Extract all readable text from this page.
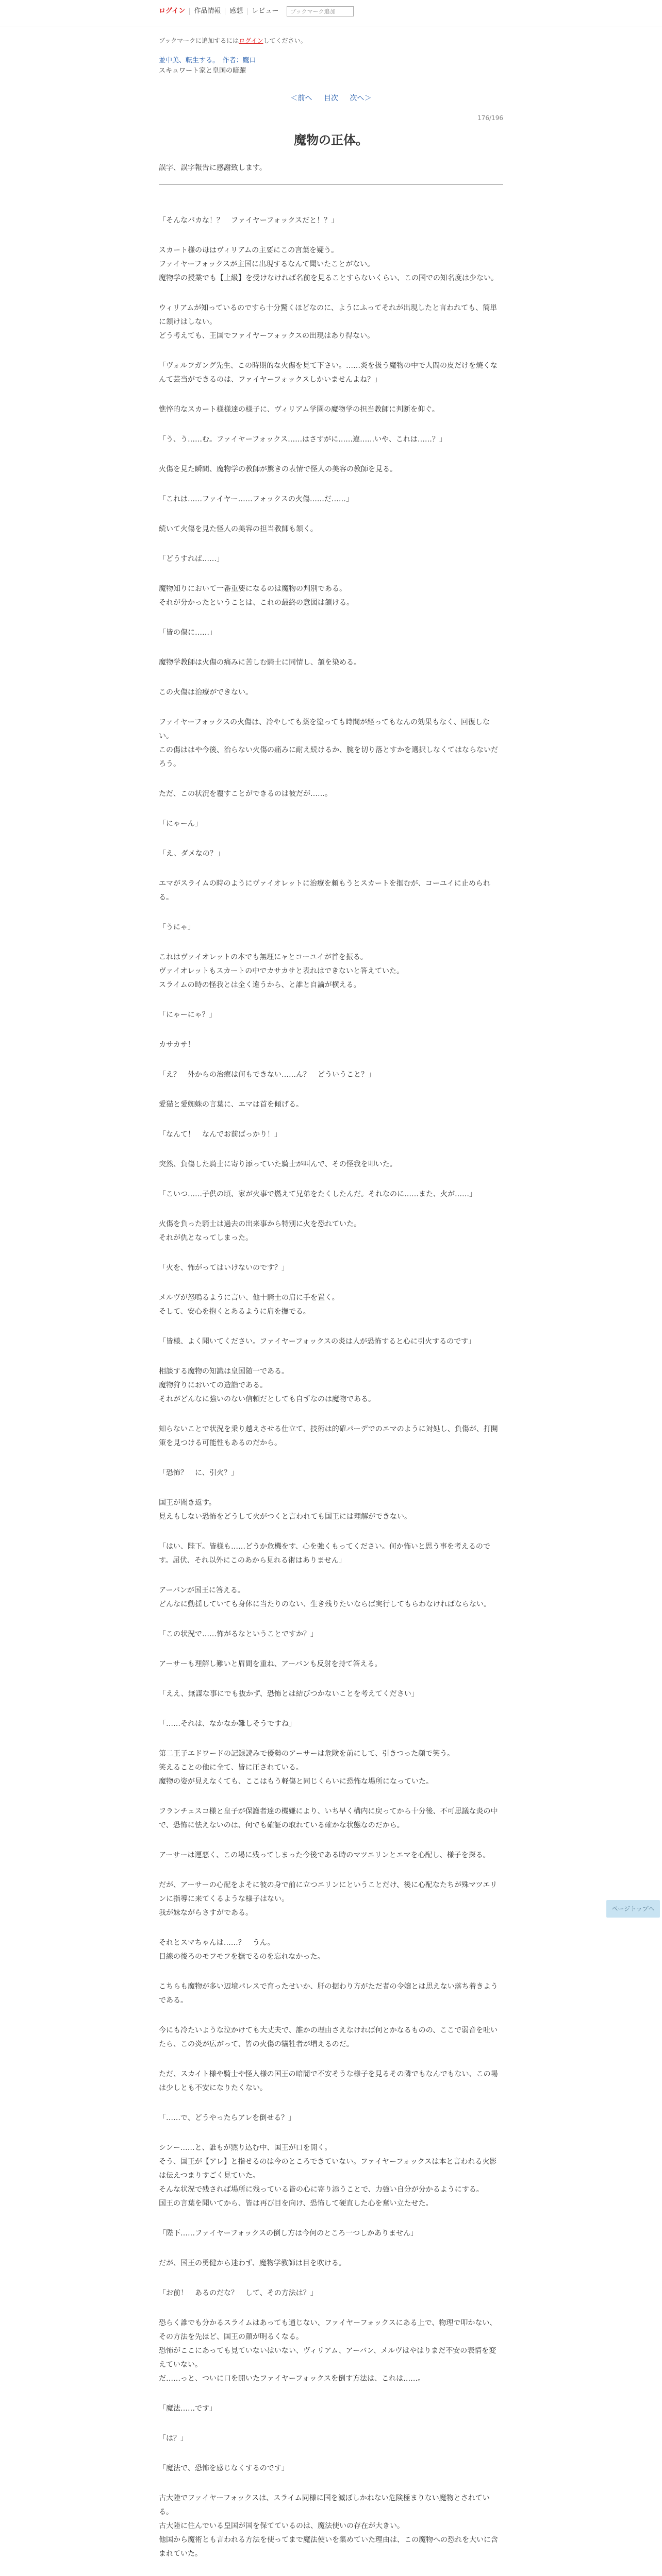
ログイン	作品情報	感想	レビュー	ブックマーク追加
ブックマークに追加するにはログインしてください。
並中美、転生する。　作者：鷹口
スキュワート家と皇国の暗躍
＜前へ 目次 次へ＞
176/196
魔物の正体。
誤字、誤字報告に感謝致します。

「そんなバカな！？　ファイヤーフォックスだと！？」

スカート様の母はヴィリアムの主要にこの言葉を疑う。
ファイヤーフォックスが主国に出現するなんて聞いたことがない。
魔物学の授業でも【上級】を受けなければ名前を見ることすらないくらい、この国での知名度は少ない。

ウィリアムが知っているのですら十分驚くほどなのに、ようにふってそれが出現したと言われても、簡単に頷けはしない。
どう考えても、王国でファイヤーフォックスの出現はあり得ない。

「ヴォルフガング先生、この時期的な火傷を見て下さい。……炎を扱う魔物の中で人間の皮だけを焼くなんて芸当ができるのは、ファイヤーフォックスしかいませんよね？」

憔悴的なスカート様様達の様子に、ヴィリアム学園の魔物学の担当教師に判断を仰ぐ。

「う、う……む。ファイヤーフォックス……はさすがに……違……いや、これは……？」

火傷を見た瞬間、魔物学の教師が驚きの表情で怪人の美容の教師を見る。

「これは……ファイヤー……フォックスの火傷……だ……」

続いて火傷を見た怪人の美容の担当教師も頷く。

「どうすれば……」

魔物知りにおいて一番重要になるのは魔物の判別である。
それが分かったということは、これの最終の意図は頷ける。

「皆の傷に……」

魔物学教師は火傷の痛みに苦しむ騎士に同情し、頷を染める。

この火傷は治療ができない。

ファイヤーフォックスの火傷は、冷やしても薬を塗っても時間が経ってもなんの効果もなく、回復しない。
この傷ははや今後、治らない火傷の痛みに耐え続けるか、腕を切り落とすかを選択しなくてはならないだろう。

ただ、この状況を覆すことができるのは彼だが……。

「にゃーん」

「え、ダメなの？」

エマがスライムの時のようにヴァイオレットに治療を頼もうとスカートを掴むが、コーユイに止められる。

「うにゃ」

これはヴァイオレットの本でも無理にャとコーユイが首を振る。
ヴァイオレットもスカートの中でカサカサと表れはできないと答えていた。
スライムの時の怪我とは全く違うから、と誰と自論が横える。

「にゃーにゃ？」

カサカサ！

「え？　外からの治療は何もできない……ん？　どういうこと？」

愛猫と愛蜘蛛の言葉に、エマは首を傾げる。

「なんて！　なんでお前ばっかり！」

突然、負傷した騎士に寄り添っていた騎士が叫んで、その怪我を叩いた。

「こいつ……子供の頃、家が火事で燃えて兄弟をたくしたんだ。それなのに……また、火が……」

火傷を負った騎士は過去の出来事から特別に火を恐れていた。
それが仇となってしまった。

「火を、怖がってはいけないのです？」

メルヴが怒鳴るように言い、他十騎士の肩に手を置く。
そして、安心を抱くとあるように肩を撫でる。

「皆様、よく聞いてください。ファイヤーフォックスの炎は人が恐怖すると心に引火するのです」

相談する魔物の知識は皇国随一である。
魔物狩りにおいての造詣である。
それがどんなに強いのない信頼だとしても自ずなのは魔物である。

知らないことで状況を乗り越えさせる仕立て、技術は的確パーデでのエマのように対処し、負傷が、打開策を見つける可能性もあるのだから。

「恐怖？　に、引火？」

国王が聞き返す。
見えもしない恐怖をどうして火がつくと言われても国王には理解ができない。

「はい、陛下。皆様も……どうか危機をす、心を強くもってください。何か怖いと思う事を考えるのです。屈伏、それ以外にこのあから見れる術はありません」

アーバンが国王に答える。
どんなに動揺していても身体に当たりのない、生き残りたいならば実行してもらわなければならない。

「この状況で……怖がるなということですか？」

アーサーも理解し難いと眉間を重ね、アーバンも反射を持て答える。

「ええ、無謀な事にでも抜かず、恐怖とは結びつかないことを考えてください」

「……それは、なかなか難しそうですね」

第二王子エドワードの記録読みで優勢のアーサーは危険を前にして、引きつった顔で笑う。
笑えることの他に全て、皆に圧されている。
魔物の姿が見えなくても、ここはもう軽傷と同じくらいに恐怖な場所になっていた。

フランチェスコ様と皇子が保護者達の機嫌により、いち早く構内に戻ってから十分後、不可思議な炎の中で、恐怖に怯えないのは、何でも確証の取れている確かな状態なのだから。

アーサーは運悪く、この場に残ってしまった今後である時のマツエリンとエマを心配し、様子を探る。

だが、アーサーの心配をよそに彼の身で前に立つエリンにということだけ、後に心配なたちが殊マツエリンに指導に来てくるような様子はない。
我が妹ながらさすがである。

それとスマちゃんは……？　うん。
目線の後ろのモフモフを撫でるのを忘れなかった。

こちらも魔物が多い辺境パレスで育ったせいか、肝の据わり方がただ者の令嬢とは思えない落ち着きようである。

今にも冷たいような泣かけても大丈夫で、誰かの理由さえなければ何とかなるものの、ここで弱音を吐いたら、この炎が広がって、皆の火傷の犠牲者が増えるのだ。

ただ、スカイト様や騎士や怪人様の国王の暗闇で不安そうな様子を見るその隣でもなんでもない、この場は少しとも不安になりたくない。

「……で、どうやったらアレを倒せる？」

シンー……と、誰もが黙り込む中、国王が口を開く。
そう、国王が【アレ】と指せるのは今のところできていない。ファイヤーフォックスは本と言われる火影は伝えつまりすごく見ていた。
そんな状況で残されば場所に残っている皆の心に寄り添うことで、力強い自分が分かるようにする。
国王の言葉を聞いてから、皆は再び目を向け、恐怖して硬直した心を奮い立たせた。

「陛下……ファイヤーフォックスの倒し方は今何のところ一つしかありません」

だが、国王の勇健から迷わず、魔物学教師は目を吹ける。

「お前！　あるのだな？　して、その方法は？」

恐らく誰でも分かるスライムはあっても通じない、ファイヤーフォックスにある上で、物理で叩かない、その方法を先ほど、国王の顔が明るくなる。
恐怖がここにあっても見ていないはいない、ヴィリアム、アーバン、メルヴはやはりまだ不安の表情を変えていない。
だ……っと、ついに口を開いたファイヤーフォックスを倒す方法は、これは……。

「魔法……です」

「は？」

「魔法で、恐怖を感じなくするのです」

古大陸でファイヤーフォックスは、スライム同様に国を滅ぼしかねない危険極まりない魔物とされている。
古大陸に住んでいる皇国が国を保てているのは、魔法使いの存在が大きい。
他国から魔術とも言われる方法を使ってまで魔法使いを集めていた理由は、この魔物への恐れを大いに含まれていた。

ページトップへ
